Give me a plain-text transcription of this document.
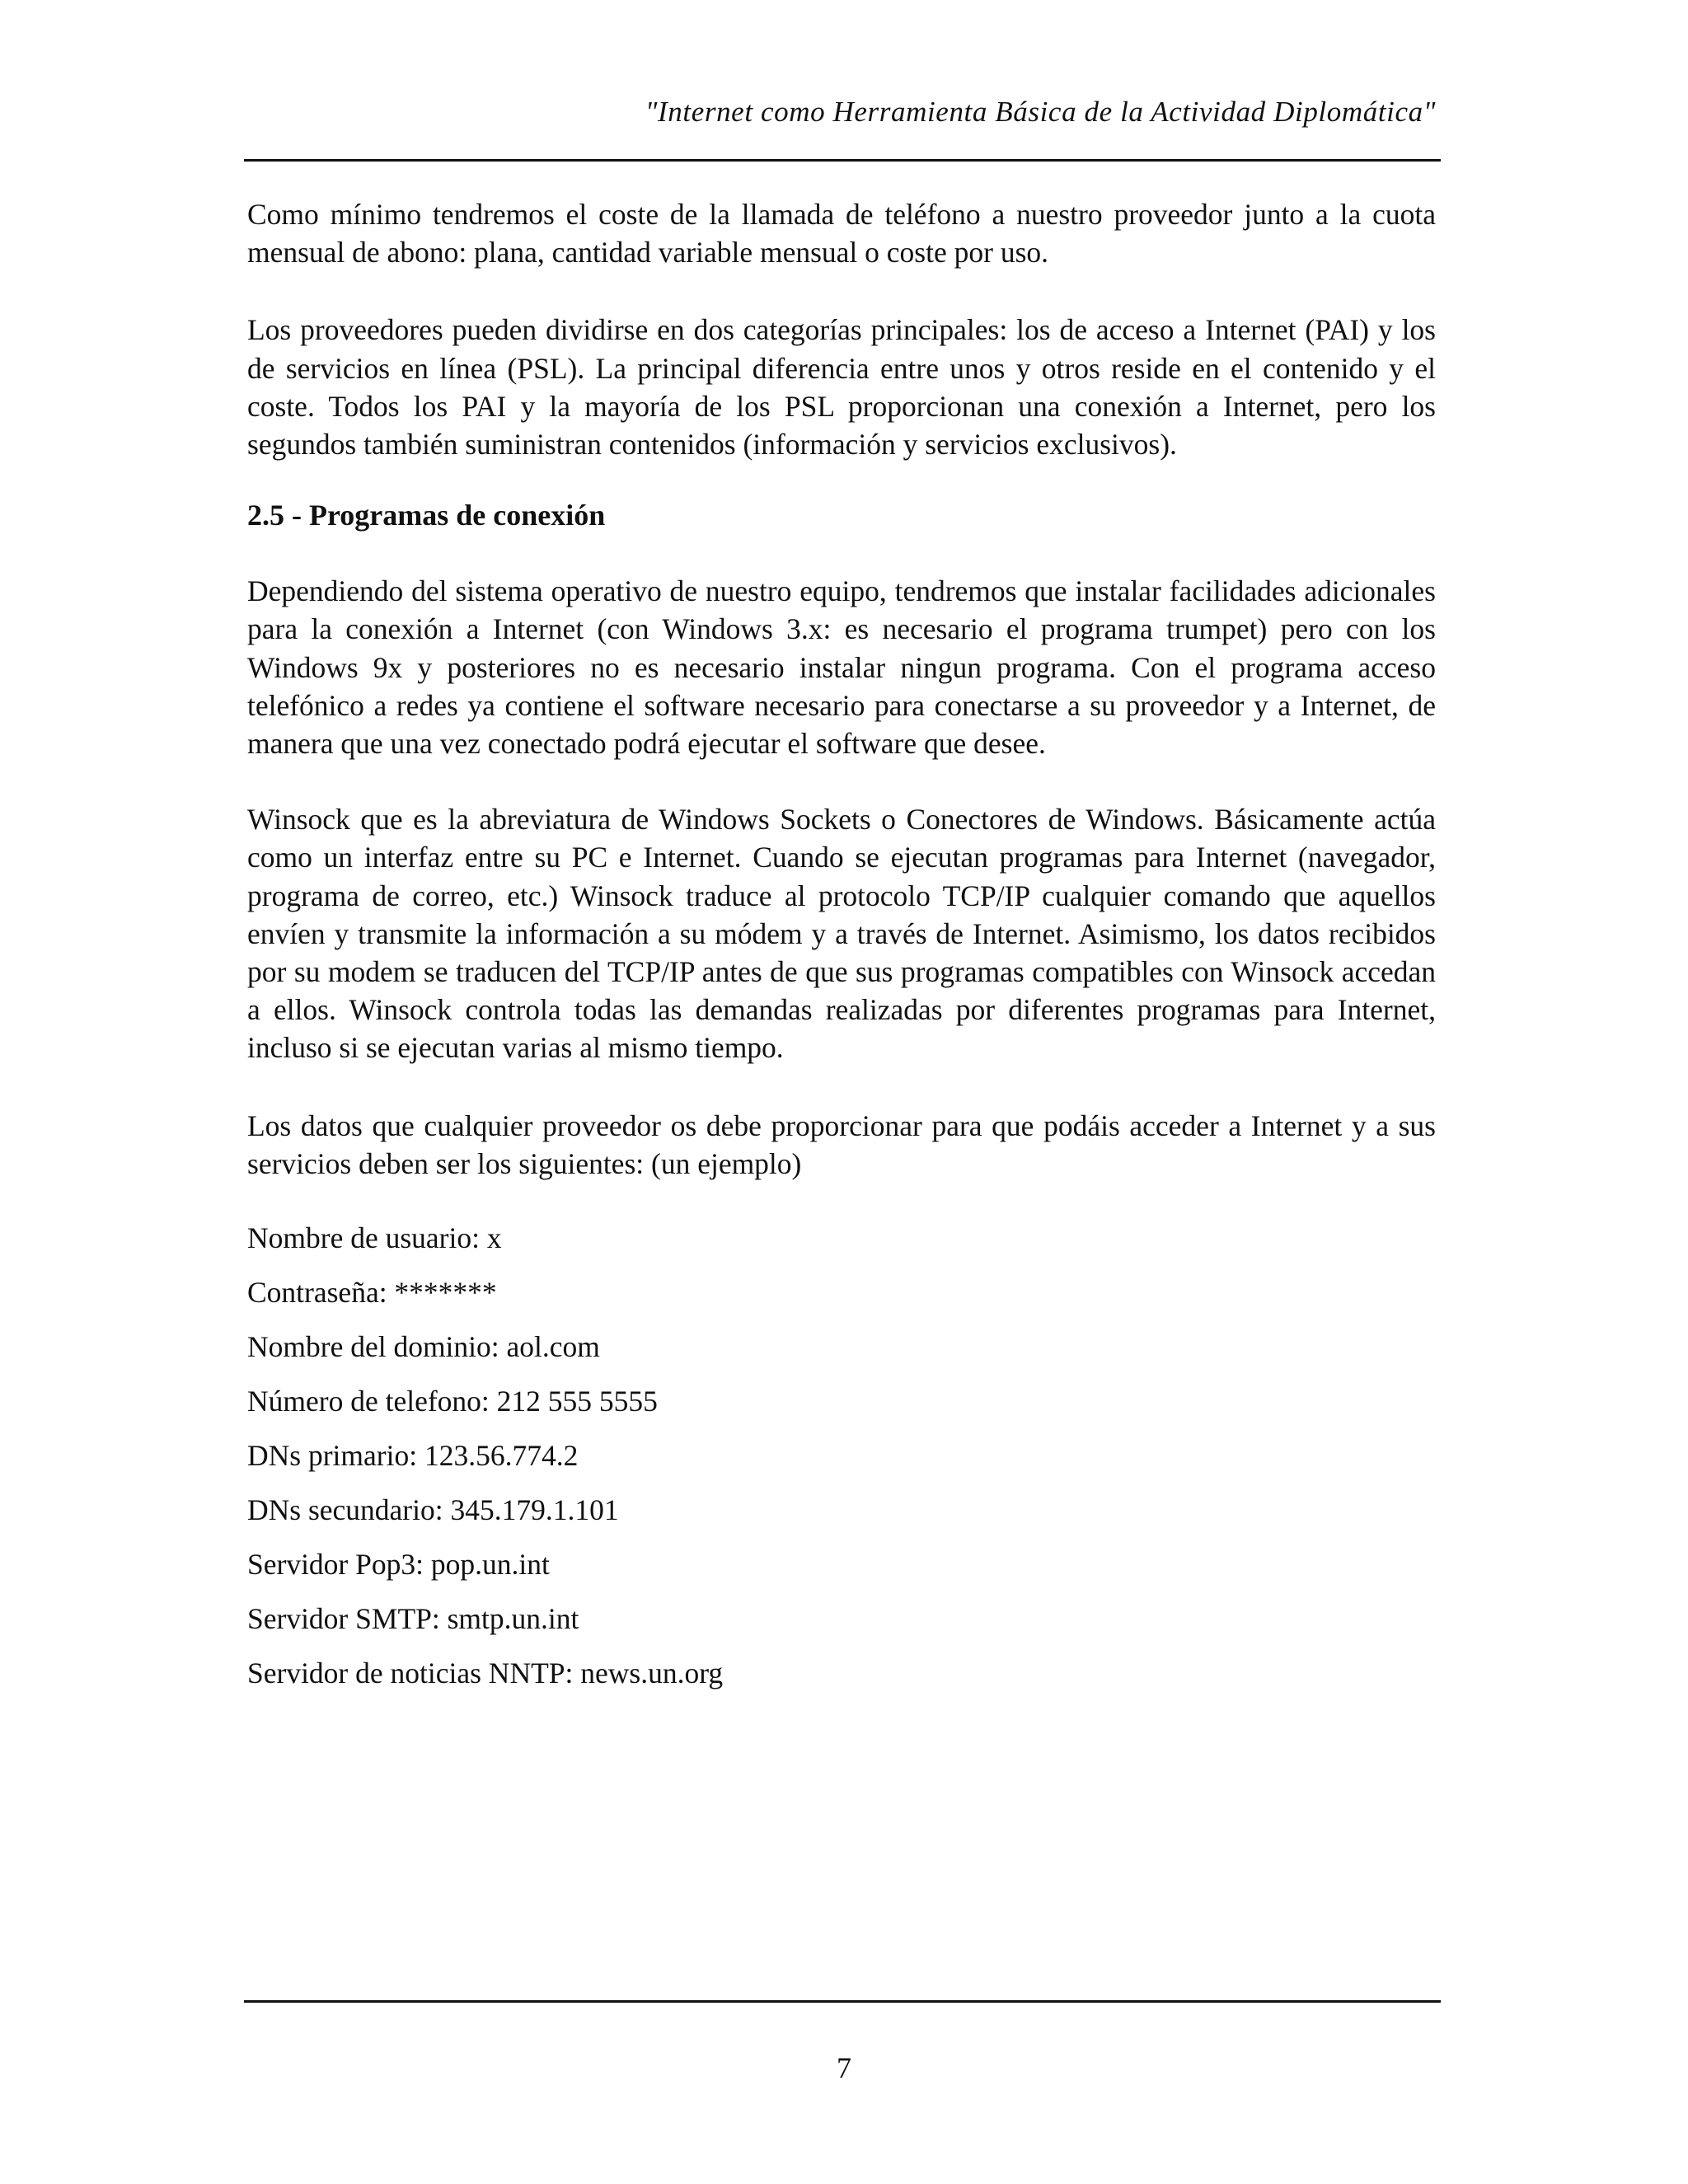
"Internet como Herramienta Básica de la Actividad Diplomática"

Como mínimo tendremos el coste de la llamada de teléfono a nuestro proveedor junto a la cuota mensual de abono: plana, cantidad variable mensual o coste por uso.

Los proveedores pueden dividirse en dos categorías principales: los de acceso a Internet (PAI) y los de servicios en línea (PSL). La principal diferencia entre unos y otros reside en el contenido y el coste. Todos los PAI y la mayoría de los PSL proporcionan una conexión a Internet, pero los segundos también suministran contenidos (información y servicios exclusivos).

2.5 - Programas de conexión

Dependiendo del sistema operativo de nuestro equipo, tendremos que instalar facilidades adicionales para la conexión a Internet (con Windows 3.x: es necesario el programa trumpet) pero con los Windows 9x y posteriores no es necesario instalar ningun programa. Con el programa acceso telefónico a redes ya contiene el software necesario para conectarse a su proveedor y a Internet, de manera que una vez conectado podrá ejecutar el software que desee.

Winsock que es la abreviatura de Windows Sockets o Conectores de Windows. Básicamente actúa como un interfaz entre su PC e Internet. Cuando se ejecutan programas para Internet (navegador, programa de correo, etc.) Winsock traduce al protocolo TCP/IP cualquier comando que aquellos envíen y transmite la información a su módem y a través de Internet. Asimismo, los datos recibidos por su modem se traducen del TCP/IP antes de que sus programas compatibles con Winsock accedan a ellos. Winsock controla todas las demandas realizadas por diferentes programas para Internet, incluso si se ejecutan varias al mismo tiempo.

Los datos que cualquier proveedor os debe proporcionar para que podáis acceder a Internet y a sus servicios deben ser los siguientes: (un ejemplo)

Nombre de usuario: x
Contraseña: *******
Nombre del dominio: aol.com
Número de telefono: 212 555 5555
DNs primario: 123.56.774.2
DNs secundario: 345.179.1.101
Servidor Pop3: pop.un.int
Servidor SMTP: smtp.un.int
Servidor de noticias NNTP: news.un.org
7
